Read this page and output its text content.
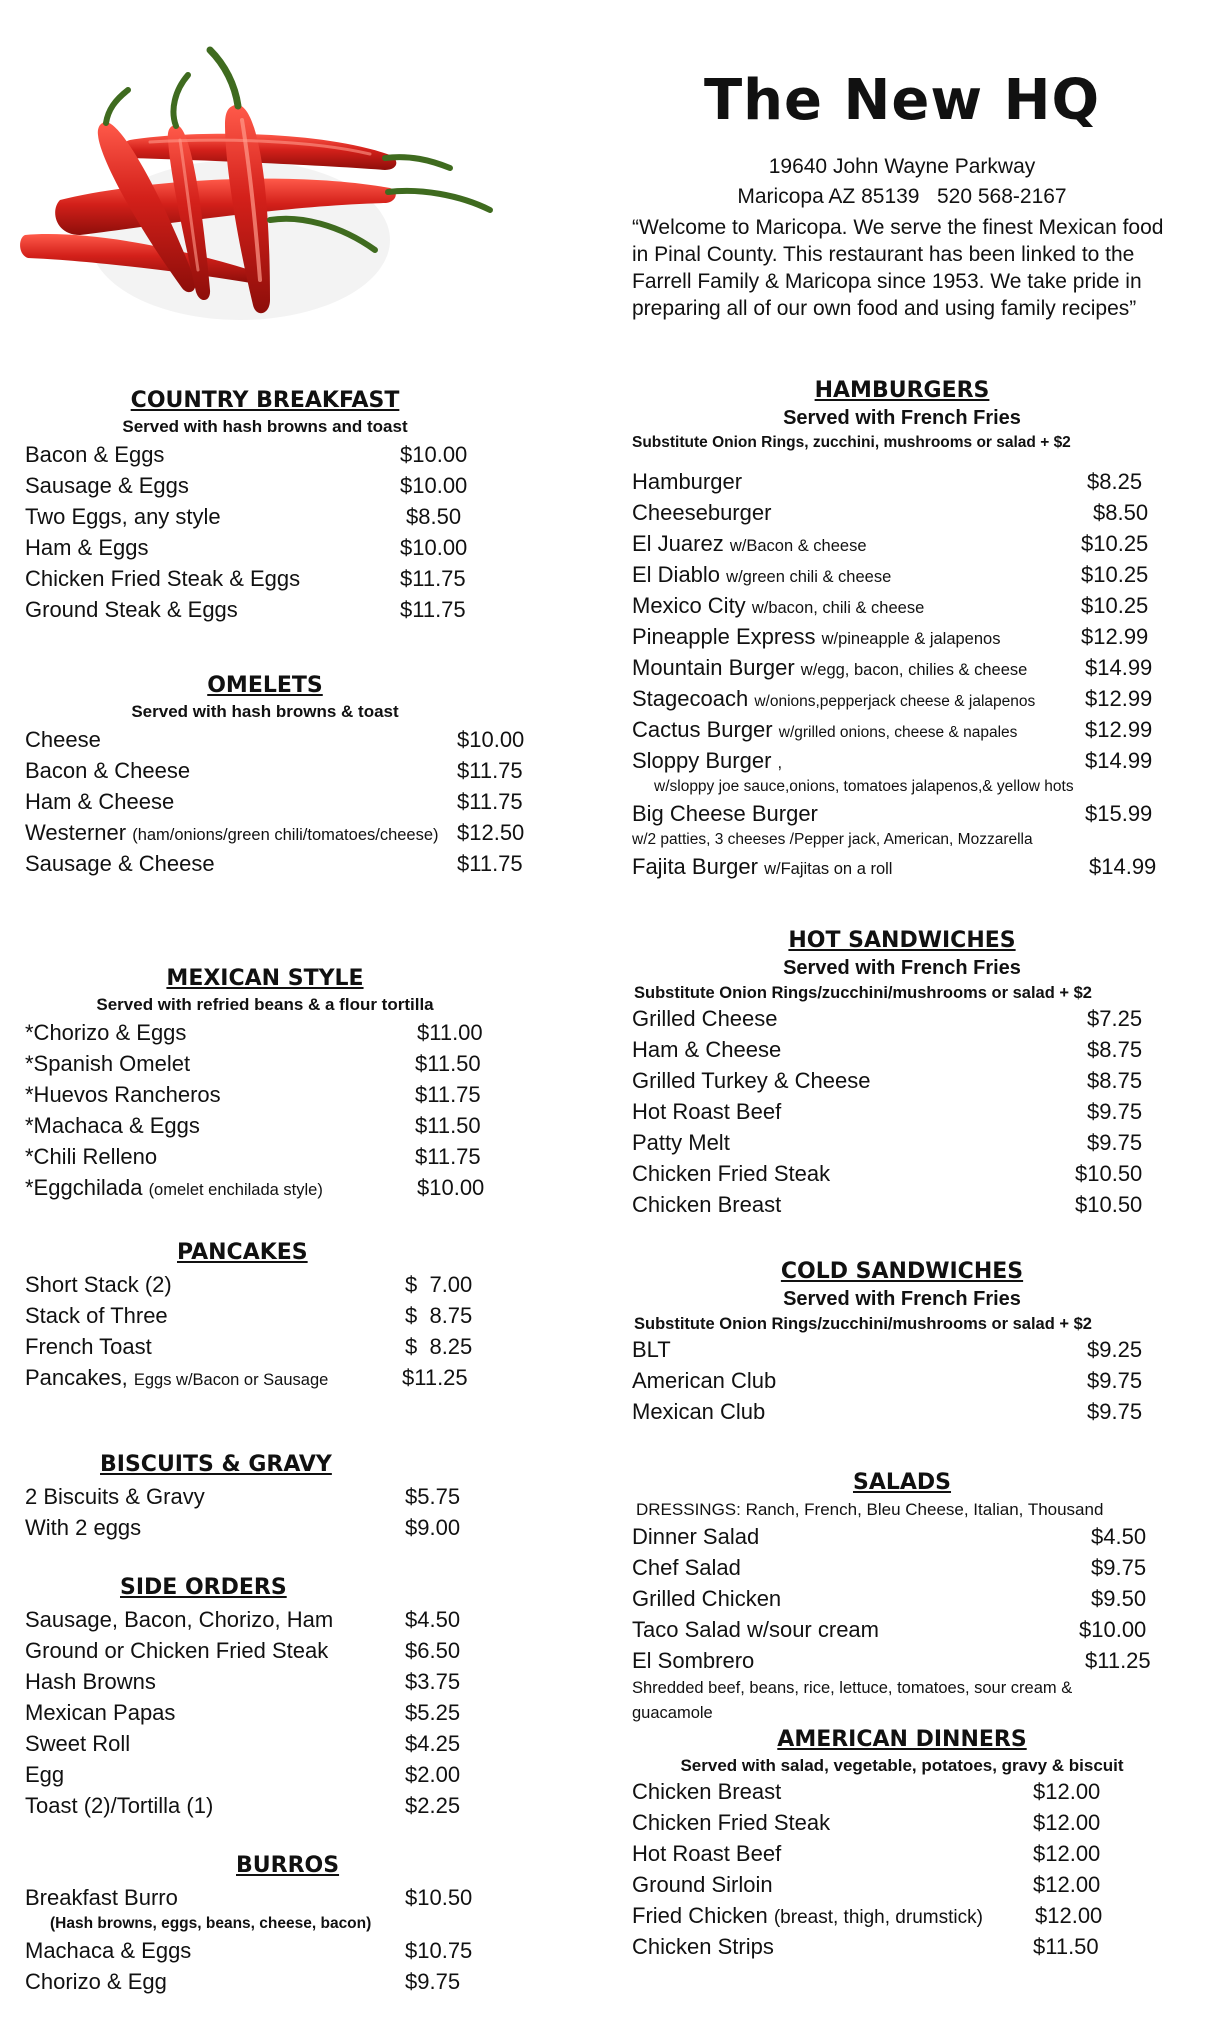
The New HQ
19640 John Wayne Parkway
Maricopa AZ 85139   520 568-2167
“Welcome to Maricopa. We serve the finest Mexican food in Pinal County. This restaurant has been linked to the Farrell Family & Maricopa since 1953. We take pride in preparing all of our own food and using family recipes”
COUNTRY BREAKFAST
Served with hash browns and toast
Bacon & Eggs	$10.00
Sausage & Eggs	$10.00
Two Eggs, any style	$8.50
Ham & Eggs	$10.00
Chicken Fried Steak & Eggs	$11.75
Ground Steak & Eggs	$11.75
OMELETS
Served with hash browns & toast
Cheese	$10.00
Bacon & Cheese	$11.75
Ham & Cheese	$11.75
Westerner (ham/onions/green chili/tomatoes/cheese) $12.50
Sausage & Cheese	$11.75
MEXICAN STYLE
Served with refried beans & a flour tortilla
*Chorizo & Eggs	$11.00
*Spanish Omelet	$11.50
*Huevos Rancheros	$11.75
*Machaca & Eggs	$11.50
*Chili Relleno	$11.75
*Eggchilada (omelet enchilada style)	$10.00
PANCAKES
Short Stack (2)	$  7.00
Stack of Three	$  8.75
French Toast	$  8.25
Pancakes, Eggs w/Bacon or Sausage	$11.25
BISCUITS & GRAVY
2 Biscuits & Gravy	$5.75
With 2 eggs	$9.00
SIDE ORDERS
Sausage, Bacon, Chorizo, Ham	$4.50
Ground or Chicken Fried Steak	$6.50
Hash Browns	$3.75
Mexican Papas	$5.25
Sweet Roll	$4.25
Egg	$2.00
Toast (2)/Tortilla (1)	$2.25
BURROS
Breakfast Burro	$10.50
(Hash browns, eggs, beans, cheese, bacon)
Machaca & Eggs	$10.75
Chorizo & Egg	$9.75
HAMBURGERS
Served with French Fries
Substitute Onion Rings, zucchini, mushrooms or salad + $2
Hamburger	$8.25
Cheeseburger	$8.50
El Juarez w/Bacon & cheese	$10.25
El Diablo w/green chili & cheese	$10.25
Mexico City w/bacon, chili & cheese	$10.25
Pineapple Express w/pineapple & jalapenos	$12.99
Mountain Burger w/egg, bacon, chilies & cheese	$14.99
Stagecoach w/onions,pepperjack cheese & jalapenos $12.99
Cactus Burger w/grilled onions, cheese & napales	$12.99
Sloppy Burger ,	$14.99
w/sloppy joe sauce,onions, tomatoes jalapenos,& yellow hots
Big Cheese Burger	$15.99
w/2 patties, 3 cheeses /Pepper jack, American, Mozzarella
Fajita Burger w/Fajitas on a roll	$14.99
HOT SANDWICHES
Served with French Fries
Substitute Onion Rings/zucchini/mushrooms or salad + $2
Grilled Cheese	$7.25
Ham & Cheese	$8.75
Grilled Turkey & Cheese	$8.75
Hot Roast Beef	$9.75
Patty Melt	$9.75
Chicken Fried Steak	$10.50
Chicken Breast	$10.50
COLD SANDWICHES
Served with French Fries
Substitute Onion Rings/zucchini/mushrooms or salad + $2
BLT	$9.25
American Club	$9.75
Mexican Club	$9.75
SALADS
DRESSINGS: Ranch, French, Bleu Cheese, Italian, Thousand
Dinner Salad	$4.50
Chef Salad	$9.75
Grilled Chicken	$9.50
Taco Salad w/sour cream	$10.00
El Sombrero	$11.25
Shredded beef, beans, rice, lettuce, tomatoes, sour cream & guacamole
AMERICAN DINNERS
Served with salad, vegetable, potatoes, gravy & biscuit
Chicken Breast	$12.00
Chicken Fried Steak	$12.00
Hot Roast Beef	$12.00
Ground Sirloin	$12.00
Fried Chicken (breast, thigh, drumstick) $12.00
Chicken Strips	$11.50
